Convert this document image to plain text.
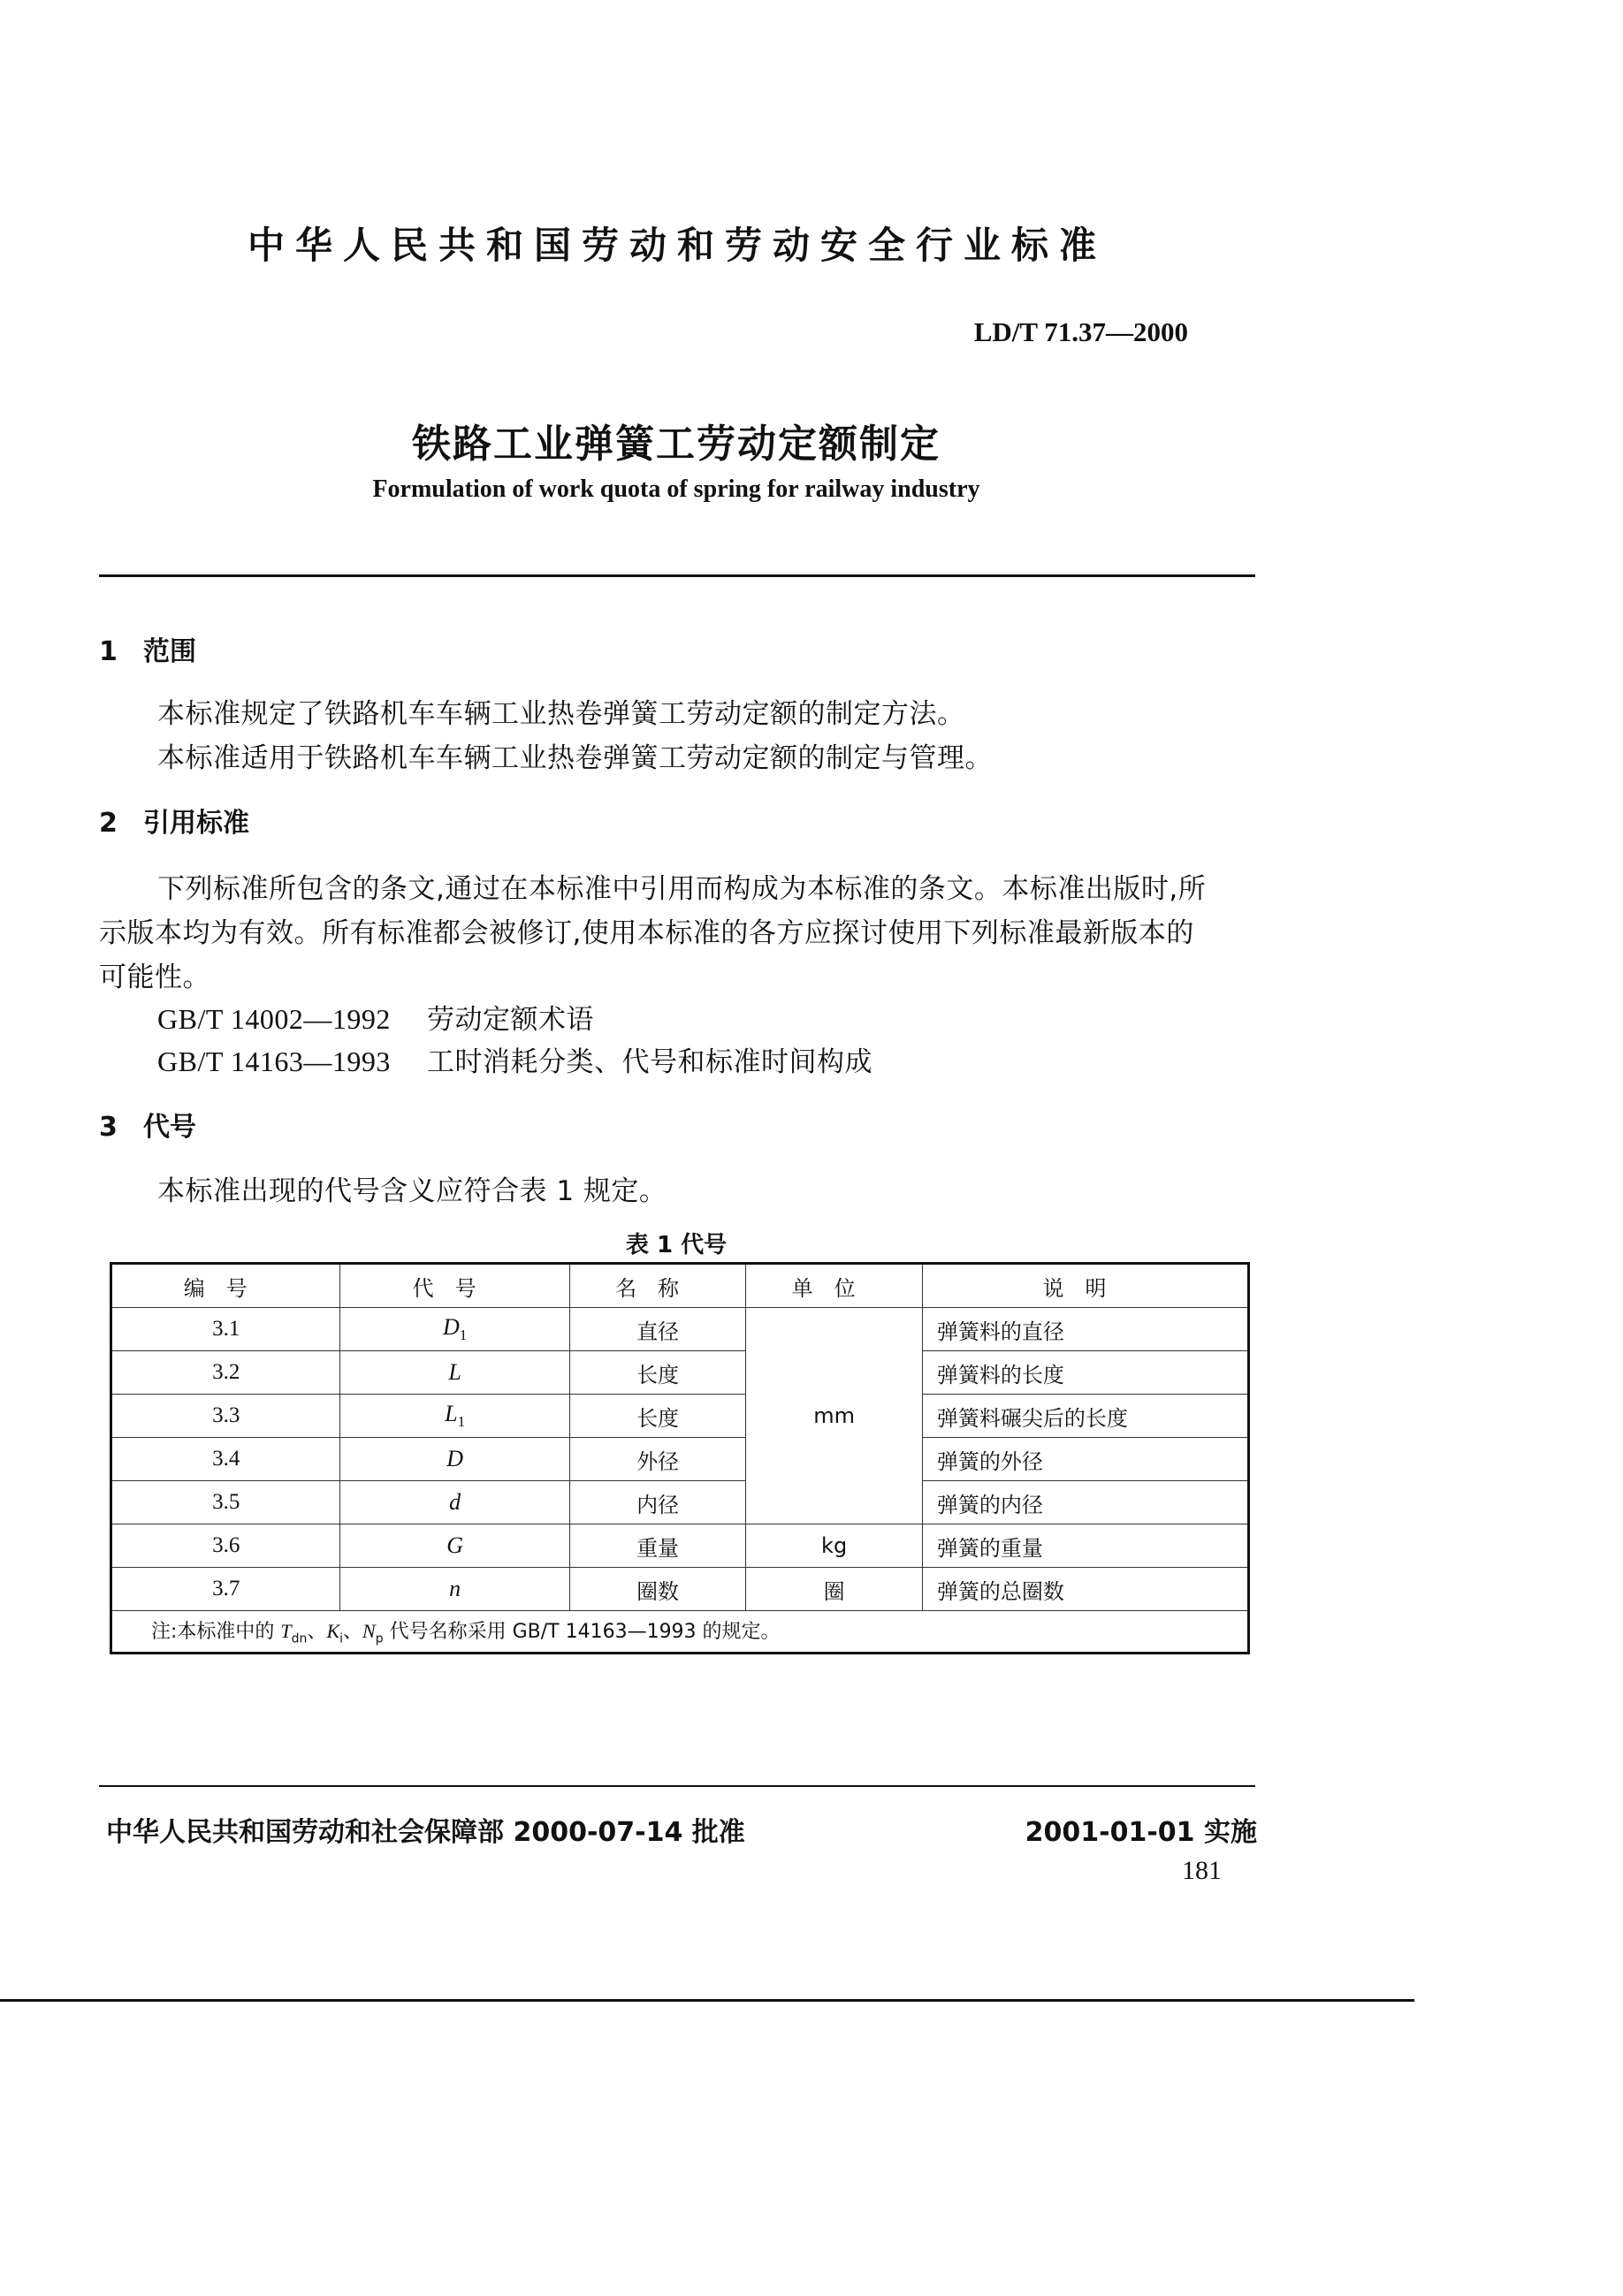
中华人民共和国劳动和劳动安全行业标准
LD/T 71.37—2000
铁路工业弹簧工劳动定额制定
Formulation of work quota of spring for railway industry
1 范围
本标准规定了铁路机车车辆工业热卷弹簧工劳动定额的制定方法。
本标准适用于铁路机车车辆工业热卷弹簧工劳动定额的制定与管理。
2 引用标准
下列标准所包含的条文,通过在本标准中引用而构成为本标准的条文。本标准出版时,所
示版本均为有效。所有标准都会被修订,使用本标准的各方应探讨使用下列标准最新版本的
可能性。
GB/T 14002—1992 劳动定额术语
GB/T 14163—1993 工时消耗分类、代号和标准时间构成
3 代号
本标准出现的代号含义应符合表 1 规定。
表 1 代号
编号	代号	名称	单位	说明
3.1	$D_1$	直径	mm	弹簧料的直径
3.2	L	长度		弹簧料的长度
3.3	$L_1$	长度		弹簧料碾尖后的长度
3.4	D	外径		弹簧的外径
3.5	d	内径		弹簧的内径
3.6	G	重量	kg	弹簧的重量
3.7	n	圈数	圈	弹簧的总圈数
注:本标准中的 $T_{dn}$、$K_i$、$N_p$ 代号名称采用 GB/T 14163—1993 的规定。				
中华人民共和国劳动和社会保障部 2000-07-14 批准	2001-01-01 实施
181
